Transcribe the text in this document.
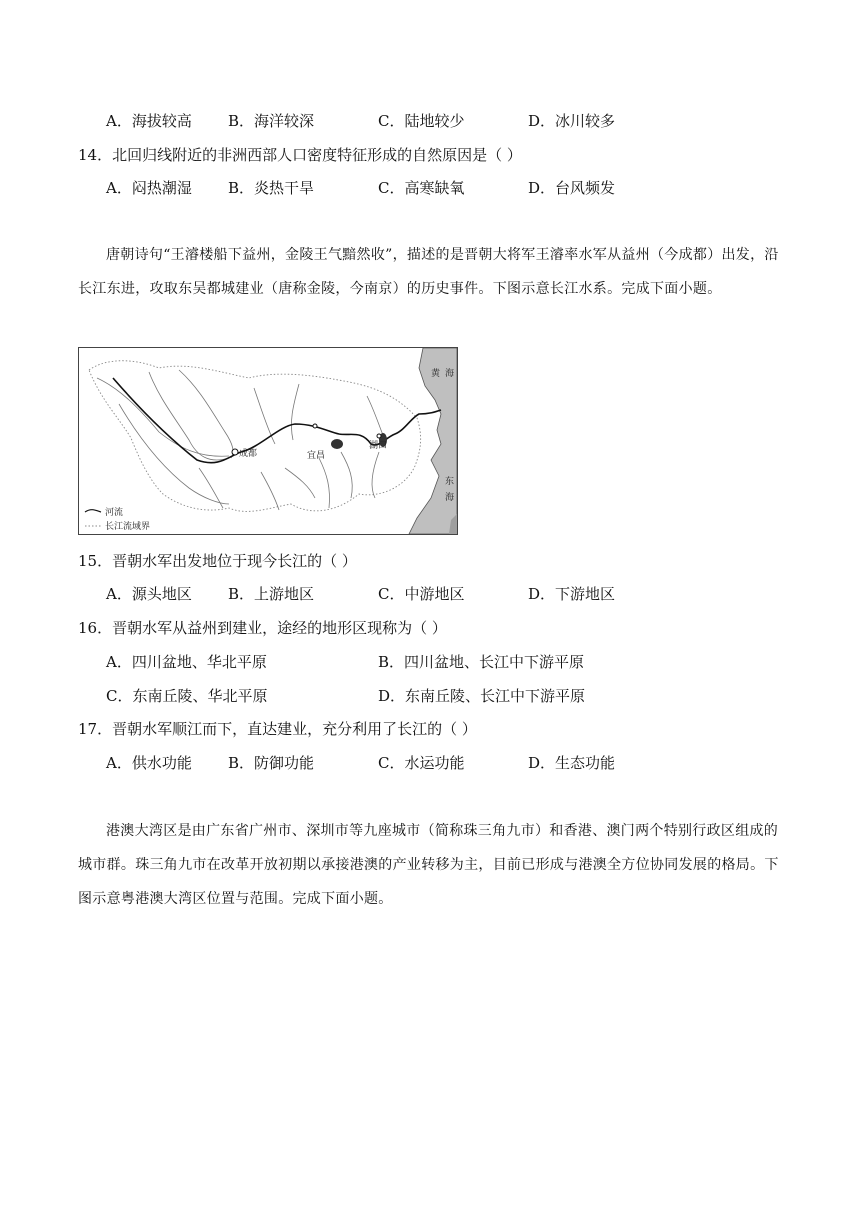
A．海拔较高 B．海洋较深	C．陆地较少	D．冰川较多
14．北回归线附近的非洲西部人口密度特征形成的自然原因是（ ）
A．闷热潮湿 B．炎热干旱	C．高寒缺氧	D．台风频发
唐朝诗句“王濬楼船下益州，金陵王气黯然收”，描述的是晋朝大将军王濬率水军从益州（今成都）出发，沿长江东进，攻取东吴都城建业（唐称金陵，今南京）的历史事件。下图示意长江水系。完成下面小题。
成都	宜昌
湖口
黄 海
东
海
河流
长江流域界
15．晋朝水军出发地位于现今长江的（ ）
A．源头地区 B．上游地区	C．中游地区	D．下游地区
16．晋朝水军从益州到建业，途经的地形区现称为（ ）
A．四川盆地、华北平原	B．四川盆地、长江中下游平原
C．东南丘陵、华北平原	D．东南丘陵、长江中下游平原
17．晋朝水军顺江而下，直达建业，充分利用了长江的（ ）
A．供水功能 B．防御功能	C．水运功能	D．生态功能
港澳大湾区是由广东省广州市、深圳市等九座城市（简称珠三角九市）和香港、澳门两个特别行政区组成的城市群。珠三角九市在改革开放初期以承接港澳的产业转移为主，目前已形成与港澳全方位协同发展的格局。下图示意粤港澳大湾区位置与范围。完成下面小题。
